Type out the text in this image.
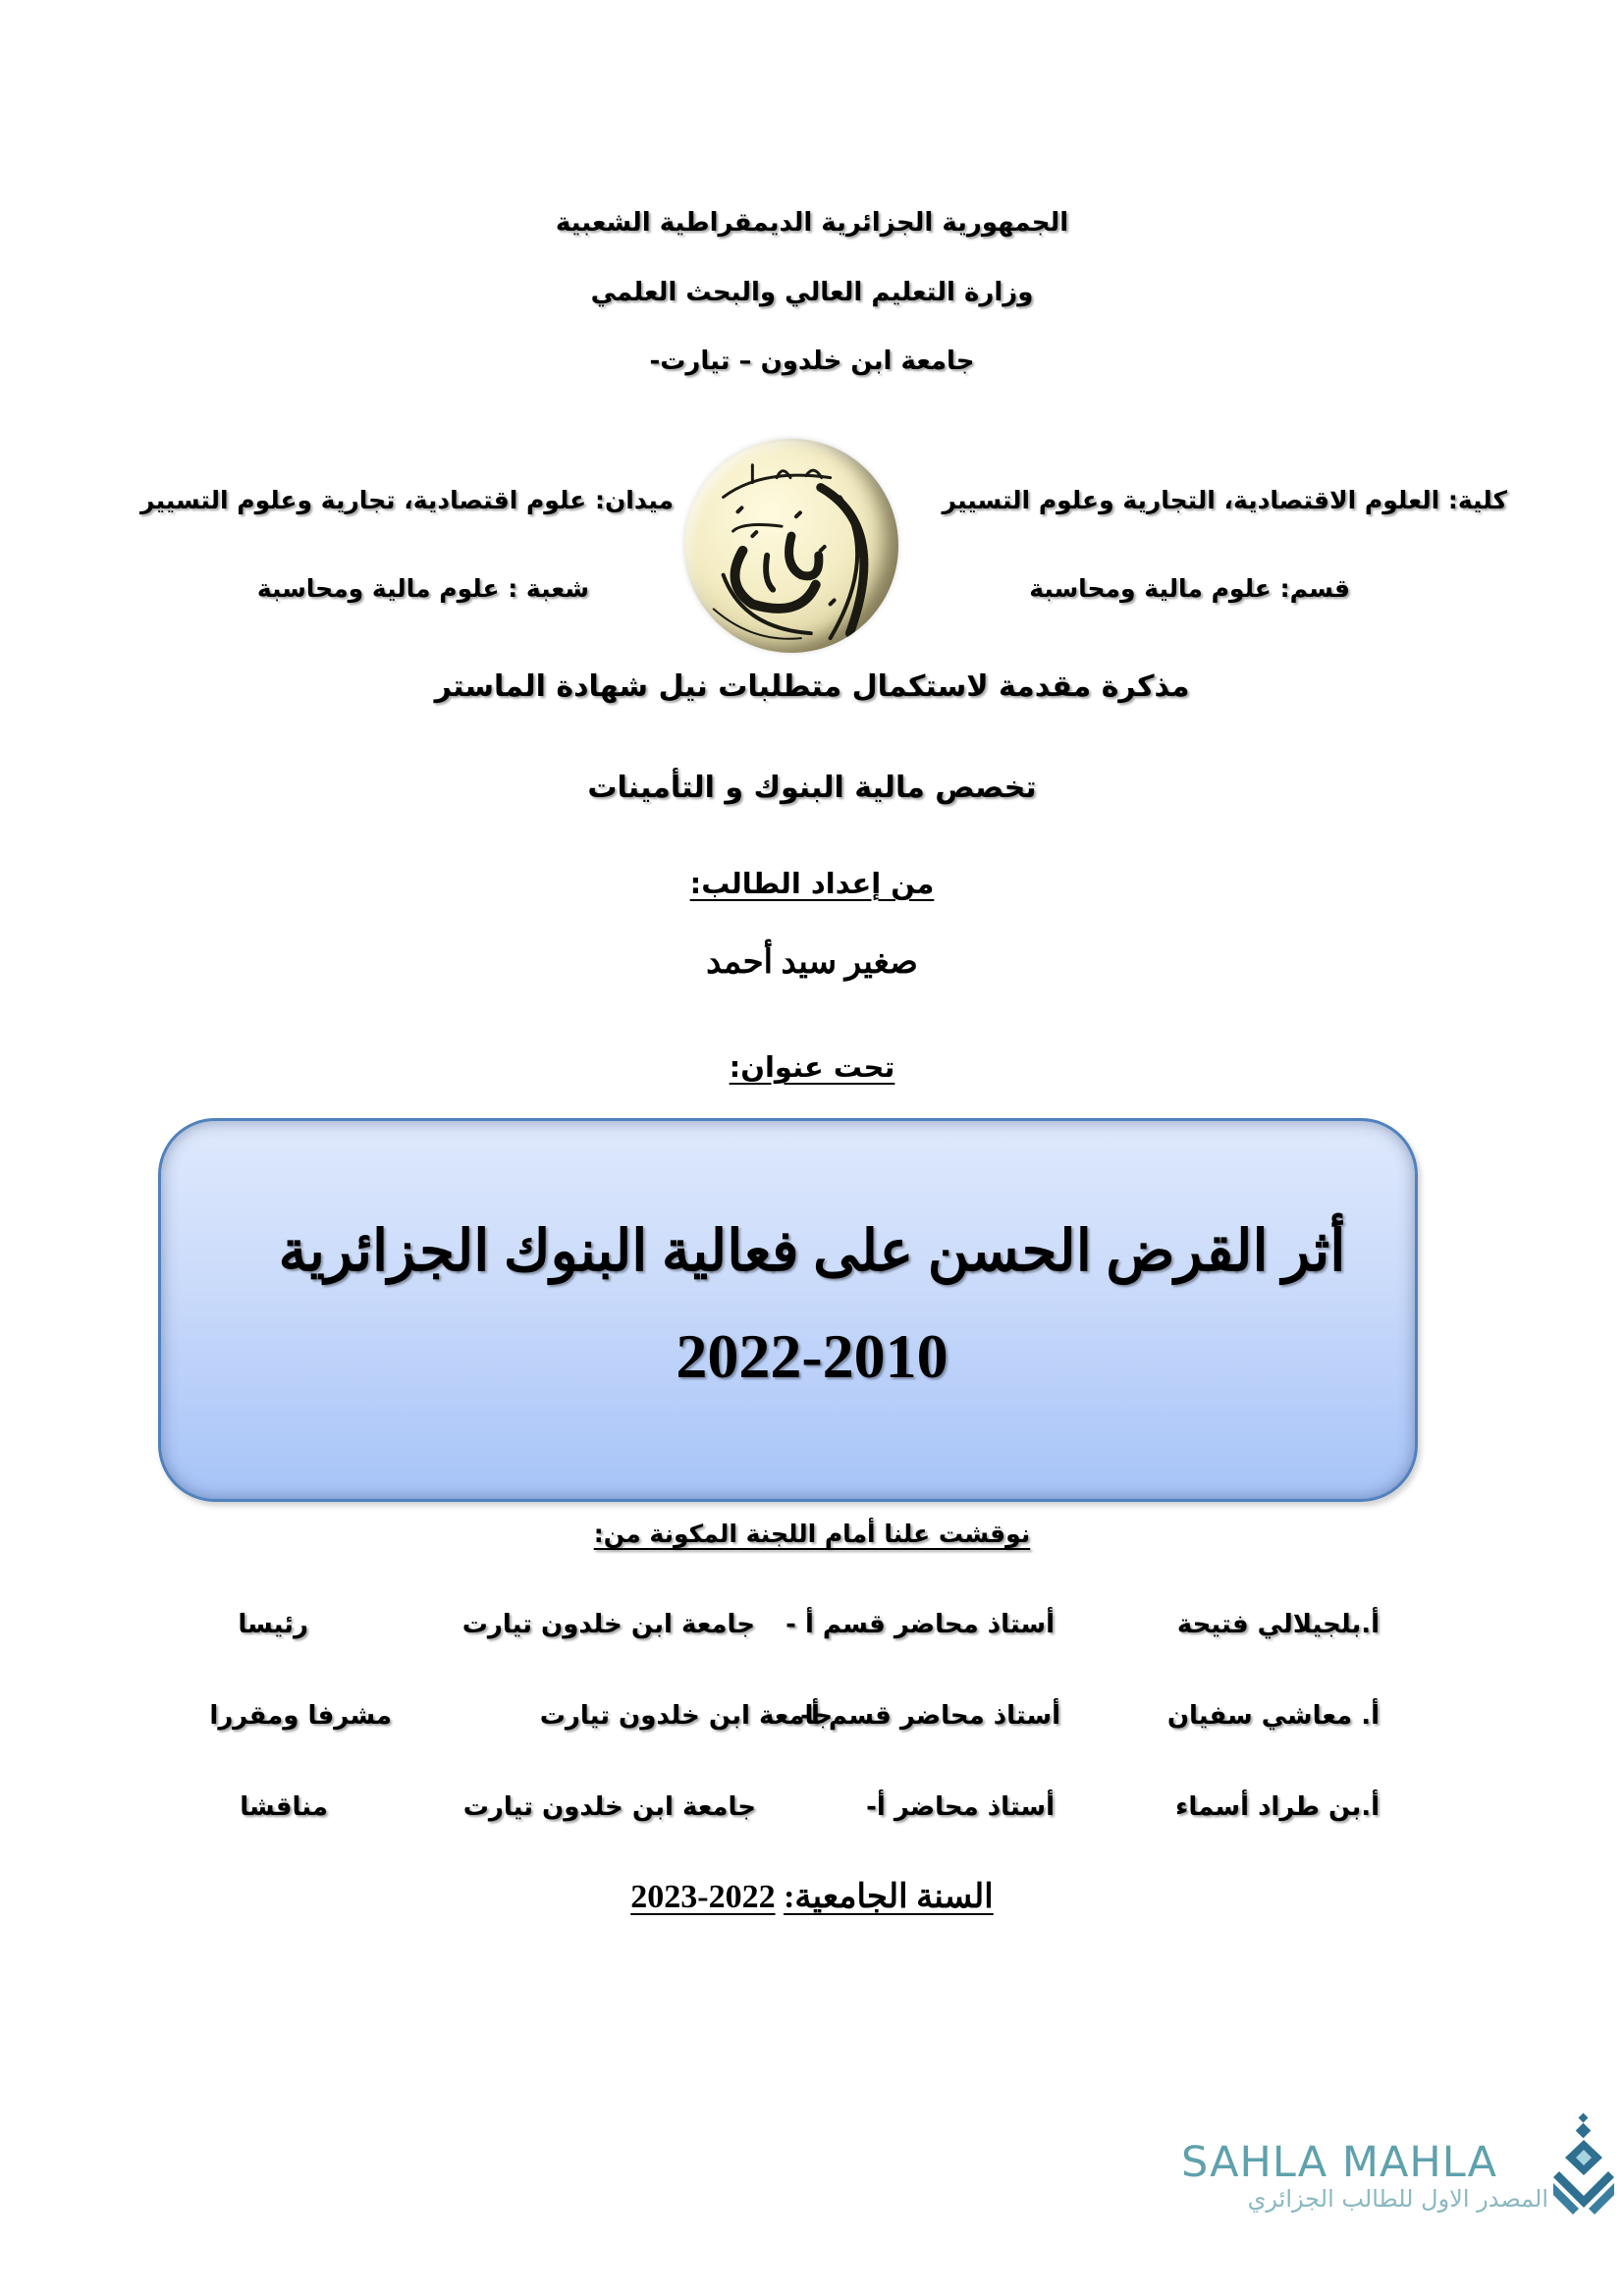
الجمهورية الجزائرية الديمقراطية الشعبية
وزارة التعليم العالي والبحث العلمي
جامعة ابن خلدون – تيارت-
كلية: العلوم الاقتصادية، التجارية وعلوم التسيير
ميدان: علوم اقتصادية، تجارية وعلوم التسيير
قسم: علوم مالية ومحاسبة
شعبة : علوم مالية ومحاسبة
مذكرة مقدمة لاستكمال متطلبات نيل شهادة الماستر
تخصص مالية البنوك و التأمينات
من إعداد الطالب:
صغير سيد أحمد
تحت عنوان:
أثر القرض الحسن على فعالية البنوك الجزائرية
2022-2010
نوقشت علنا أمام اللجنة المكونة من:
أ.بلجيلالي فتيحة
أستاذ محاضر قسم أ -
جامعة ابن خلدون تيارت
رئيسا
أ. معاشي سفيان
أستاذ محاضر قسم أ-
جامعة ابن خلدون تيارت
مشرفا ومقررا
أ.بن طراد أسماء
أستاذ محاضر أ-
جامعة ابن خلدون تيارت
مناقشا
السنة الجامعية: 2023-2022
SAHLA MAHLA
المصدر الاول للطالب الجزائري
